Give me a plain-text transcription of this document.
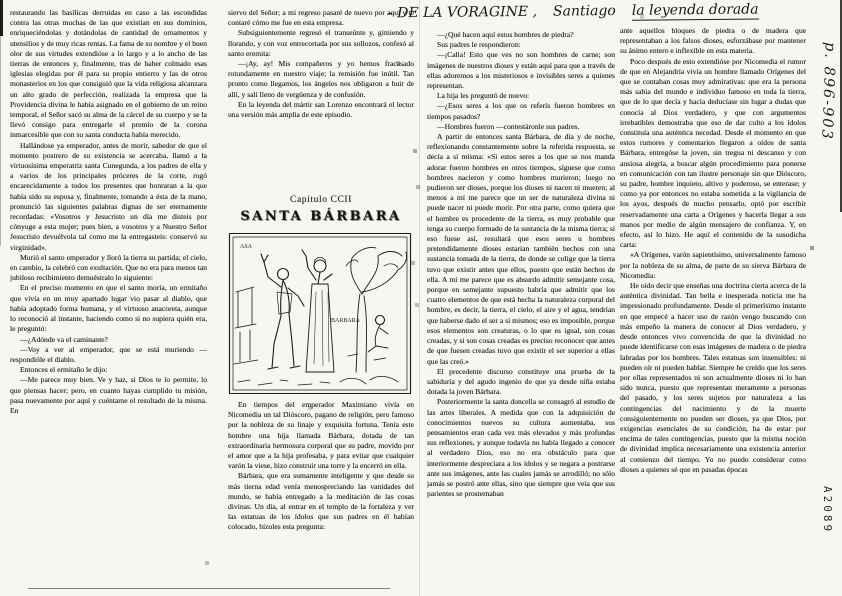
- DE LA VORAGINE , Santiago la leyenda dorada
p. 896-903
A2089

restaurando las basílicas derruidas en caso a las escondidas contra las otras muchas de las que existían en sus dominios, enriqueciéndolas y dotándolas de cantidad de ornamentos y utensilios y de muy ricas rentas. La fama de su nombre y el buen olor de sus virtudes extendióse a lo largo y a lo ancho de las tierras de entonces y, finalmente, tras de haber colmado esas iglesias elegidas por él para su propio entierro y las de otros monasterios en los que consiguió que la vida religiosa alcanzara un alto grado de perfección, realizada la empresa que la Providencia divina le había asignado en el gobierno de un reino temporal, el Señor sacó su alma de la cárcel de su cuerpo y se la llevó consigo para entregarle el premio de la corona inmarcesible que con su santa conducta había merecido.

Hallándose ya emperador, antes de morir, sabedor de que el momento postrero de su existencia se acercaba, llamó a la virtuosísima emperatriz santa Cunegunda, a los padres de ella y a varios de los principales próceres de la corte, rogó encarecidamente a todos los presentes que honraran a la que había sido su esposa y, finalmente, tomando a ésta de la mano, pronunció las siguientes palabras dignas de ser eternamente recordadas: «Vosotros y Jesucristo un día me disteis por cónyuge a esta mujer; pues bien, a vosotros y a Nuestro Señor Jesucristo devuélvola tal como me la entregasteis: conservó su virginidad».

Murió el santo emperador y lloró la tierra su partida; el cielo, en cambio, la celebró con exultación. Que no era para menos tan jubiloso recibimiento demuéstralo lo siguiente:

En el preciso momento en que el santo moría, un ermitaño que vivía en un muy apartado lugar vio pasar al diablo, que había adoptado forma humana, y el virtuoso anacoreta, aunque lo reconoció al instante, haciendo como si no supiera quién era, le preguntó:

—¿Adónde va el caminante?

—Voy a ver al emperador, que se está muriendo —respondióle el diablo.

Entonces el ermitaño le dijo:

—Me parece muy bien. Ve y haz, si Dios te lo permite, lo que piensas hacer; pero, en cuanto hayas cumplido tu misión, pasa nuevamente por aquí y cuéntame el resultado de la misma. En

siervo del Señor; a mi regreso pasaré de nuevo por aquí y te contaré cómo me fue en esta empresa.

Subsiguientemente regresó el transeúnte y, gimiendo y llorando, y con voz entrecortada por sus sollozos, confesó al santo eremita:

—¡Ay, ay! Mis compañeros y yo hemos fracasado rotundamente en nuestro viaje; la remisión fue inútil. Tan pronto como llegamos, los ángeles nos obligaron a huir de allí, y salí lleno de vergüenza y de confusión.

En la leyenda del mártir san Lorenzo encontrará el lector una versión más amplia de este episodio.

Capítulo CCII
SANTA BÁRBARA
ASA
BARBARA

En tiempos del emperador Maximiano vivía en Nicomedia un tal Dióscoro, pagano de religión, pero famoso por la nobleza de su linaje y exquisita fortuna. Tenía este hombre una hija llamada Bárbara, dotada de tan extraordinaria hermosura corporal que su padre, movido por el amor que a la hija profesaba, y para evitar que cualquier varón la viese, hizo construir una torre y la encerró en ella.

Bárbara, que era sumamente inteligente y que desde su más tierna edad venía menospreciando las vanidades del mundo, se había entregado a la meditación de las cosas divinas. Un día, al entrar en el templo de la fortaleza y ver las estatuas de los ídolos que sus padres en él habían colocado, hízoles esta pregunta:

—¿Qué hacen aquí estos hombres de piedra?

Sus padres le respondieron:

—¡Calla! Esto que ves no son hombres de carne; son imágenes de nuestros dioses y están aquí para que a través de ellas adoremos a los misteriosos e invisibles seres a quienes representan.

La hija les preguntó de nuevo:

—¿Esos seres a los que os referís fueron hombres en tiempos pasados?

—Hombres fueron —contestáronle sus padres.

A partir de entonces santa Bárbara, de día y de noche, reflexionando constantemente sobre la referida respuesta, se decía a sí misma: «Si estos seres a los que se nos manda adorar fueron hombres en otros tiempos, síguese que como hombres nacieron y como hombres murieron; luego no pudieron ser dioses, porque los dioses ni nacen ni mueren; al menos a mí me parece que un ser de naturaleza divina ni puede nacer ni puede morir. Por otra parte, como quiera que el hombre es procedente de la tierra, es muy probable que tenga su cuerpo formado de la sustancia de la misma tierra; si eso fuese así, resultará que esos seres u hombres pretendidamente dioses estarían también hechos con una sustancia tomada de la tierra, de donde se colige que la tierra tuvo que existir antes que ellos, puesto que están hechos de ella. A mí me parece que es absurdo admitir semejante cosa, porque en semejante supuesto habría que admitir que los cuatro elementos de que está hecha la naturaleza corporal del hombre, es decir, la tierra, el cielo, el aire y el agua, tendrían que haberse dado el ser a sí mismos; eso es imposible, porque esos elementos son creaturas, o lo que es igual, son cosas creadas, y si son cosas creadas es preciso reconocer que antes de que fuesen creadas tuvo que existir el ser superior a ellas que las creó.»

El precedente discurso constituye una prueba de la sabiduría y del agudo ingenio de que ya desde niña estaba dotada la joven Bárbara.

Posteriormente la santa doncella se consagró al estudio de las artes liberales. A medida que con la adquisición de conocimientos nuevos su cultura aumentaba, sus pensamientos eran cada vez más elevados y más profundas sus reflexiones, y aunque todavía no había llegado a conocer al verdadero Dios, eso no era obstáculo para que interiormente despreciara a los ídolos y se negara a postrarse ante sus imágenes, ante las cuales jamás se arrodilló; no sólo jamás se postró ante ellas, sino que siempre que veía que sus parientes se prosternaban

ante aquellos bloques de piedra o de madera que representaban a los falsos dioses, esforzábase por mantener su ánimo entero e inflexible en esta materia.

Poco después de esto extendióse por Nicomedia el rumor de que en Alejandría vivía un hombre llamado Orígenes del que se contaban cosas muy admirativas: que era la persona más sabia del mundo e individuo famoso en toda la tierra, que de lo que decía y hacía deducíase sin lugar a dudas que conocía al Dios verdadero, y que con argumentos irrebatibles demostraba que eso de dar culto a los ídolos constituía una auténtica necedad. Desde el momento en que estos rumores y comentarios llegaron a oídos de santa Bárbara, entregóse la joven, sin tregua ni descanso y con ansiosa alegría, a buscar algún procedimiento para ponerse en comunicación con tan ilustre personaje sin que Dióscoro, su padre, hombre inquieto, altivo y poderoso, se enterase; y como ya por entonces no estaba sometida a la vigilancia de los ayos, después de mucho pensarlo, optó por escribir reservadamente una carta a Orígenes y hacerla llegar a sus manos por medio de algún mensajero de confianza. Y, en efecto, así lo hizo. He aquí el contenido de la susodicha carta:

«A Orígenes, varón sapientísimo, universalmente famoso por la nobleza de su alma, de parte de su sierva Bárbara de Nicomedia:

He oído decir que enseñas una doctrina cierta acerca de la auténtica divinidad. Tan bella e inesperada noticia me ha impresionado profundamente. Desde el primerísimo instante en que empecé a hacer uso de razón vengo buscando con más empeño la manera de conocer al Dios verdadero, y desde entonces vivo convencida de que la divinidad no puede identificarse con esas imágenes de madera o de piedra labradas por los hombres. Tales estatuas son insensibles: ni pueden oír ni pueden hablar. Siempre he creído que los seres por ellas representados ni son actualmente dioses ni lo han sido nunca, puesto que representan meramente a personas del pasado, y los seres sujetos por naturaleza a las contingencias del nacimiento y de la muerte consiguientemente no pueden ser dioses, ya que Dios, por exigencias esenciales de su condición, ha de estar por encima de tales contingencias, puesto que la misma noción de divinidad implica necesariamente una existencia anterior al comienzo del tiempo. Yo no puedo considerar como dioses a quienes sé que en pasadas épocas
